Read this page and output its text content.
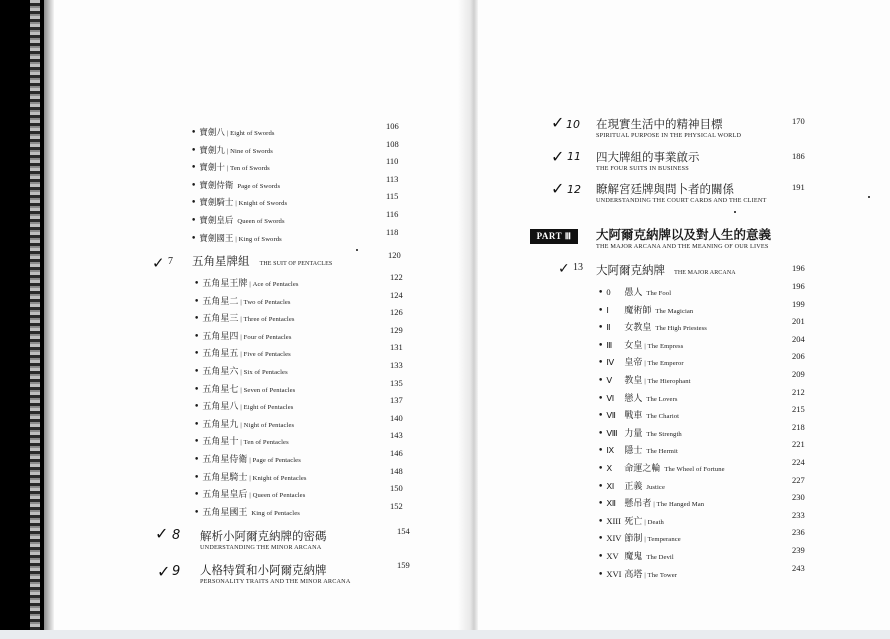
• 寶劍八 | Eight of Swords
106
• 寶劍九 | Nine of Swords
108
• 寶劍十 | Ten of Swords
110
• 寶劍侍衛 Page of Swords
113
• 寶劍騎士 | Knight of Swords
115
• 寶劍皇后 Queen of Swords
116
• 寶劍國王 | King of Swords
118
✓ 7 五角星牌組 THE SUIT OF PENTACLES
120
• 五角星王牌 | Ace of Pentacles
122
• 五角星二 | Two of Pentacles
124
• 五角星三 | Three of Pentacles
126
• 五角星四 | Four of Pentacles
129
• 五角星五 | Five of Pentacles
131
• 五角星六 | Six of Pentacles
133
• 五角星七 | Seven of Pentacles
135
• 五角星八 | Eight of Pentacles
137
• 五角星九 | Night of Pentacles
140
• 五角星十 | Ten of Pentacles
143
• 五角星侍衛 | Page of Pentacles
146
• 五角星騎士 | Knight of Pentacles
148
• 五角星皇后 | Queen of Pentacles
150
• 五角星國王 King of Pentacles
152
✓ 8 解析小阿爾克納牌的密碼
UNDERSTANDING THE MINOR ARCANA
154
✓ 9 人格特質和小阿爾克納牌
PERSONALITY TRAITS AND THE MINOR ARCANA
159
✓ 10 在現實生活中的精神目標
SPIRITUAL PURPOSE IN THE PHYSICAL WORLD
170
✓ 11 四大牌組的事業啟示
THE FOUR SUITS IN BUSINESS
186
✓ 12 瞭解宮廷牌與問卜者的關係
UNDERSTANDING THE COURT CARDS AND THE CLIENT
191
PART Ⅲ	大阿爾克納牌以及對人生的意義
THE MAJOR ARCANA AND THE MEANING OF OUR LIVES
✓ 13 大阿爾克納牌 THE MAJOR ARCANA	196
• 0 愚人 The Fool
196
• Ⅰ 魔術師 The Magician
199
• Ⅱ 女教皇 The High Priestess
201
• Ⅲ 女皇 | The Empress
204
• Ⅳ 皇帝 | The Emperor
206
• Ⅴ 教皇 | The Hierophant
209
• Ⅵ 戀人 The Lovers
212
• Ⅶ 戰車 The Chariot
215
• Ⅷ 力量 The Strength
218
• Ⅸ 隱士 The Hermit
221
• Ⅹ 命運之輪 The Wheel of Fortune
224
• Ⅺ 正義 Justice
227
• Ⅻ 懸吊者 | The Hanged Man
230
• XIII 死亡 | Death
233
• XIV 節制 | Temperance
236
• XV 魔鬼 The Devil
239
• XVI 高塔 | The Tower
243
